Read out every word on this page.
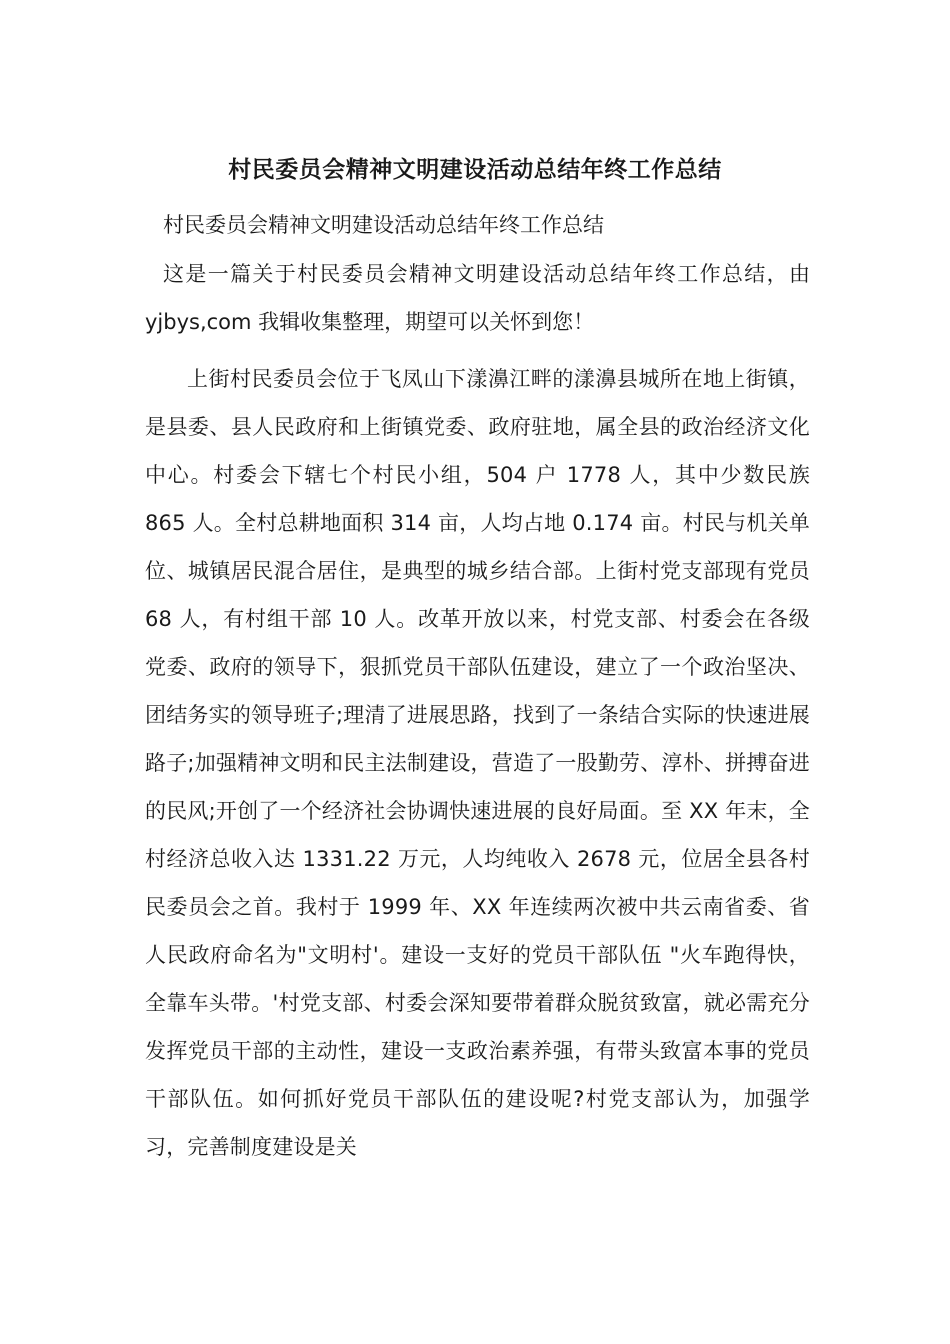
村民委员会精神文明建设活动总结年终工作总结

村民委员会精神文明建设活动总结年终工作总结

这是一篇关于村民委员会精神文明建设活动总结年终工作总结，由 yjbys,com 我辑收集整理，期望可以关怀到您！

上街村民委员会位于飞凤山下漾濞江畔的漾濞县城所在地上街镇，是县委、县人民政府和上街镇党委、政府驻地，属全县的政治经济文化中心。村委会下辖七个村民小组，504 户 1778 人，其中少数民族 865 人。全村总耕地面积 314 亩，人均占地 0.174 亩。村民与机关单位、城镇居民混合居住，是典型的城乡结合部。上街村党支部现有党员 68 人，有村组干部 10 人。改革开放以来，村党支部、村委会在各级党委、政府的领导下，狠抓党员干部队伍建设，建立了一个政治坚决、团结务实的领导班子;理清了进展思路，找到了一条结合实际的快速进展路子;加强精神文明和民主法制建设，营造了一股勤劳、淳朴、拼搏奋进的民风;开创了一个经济社会协调快速进展的良好局面。至 XX 年末，全村经济总收入达 1331.22 万元，人均纯收入 2678 元，位居全县各村民委员会之首。我村于 1999 年、XX 年连续两次被中共云南省委、省人民政府命名为"文明村'。建设一支好的党员干部队伍 "火车跑得快，全靠车头带。'村党支部、村委会深知要带着群众脱贫致富，就必需充分发挥党员干部的主动性，建设一支政治素养强，有带头致富本事的党员干部队伍。如何抓好党员干部队伍的建设呢?村党支部认为，加强学习，完善制度建设是关
